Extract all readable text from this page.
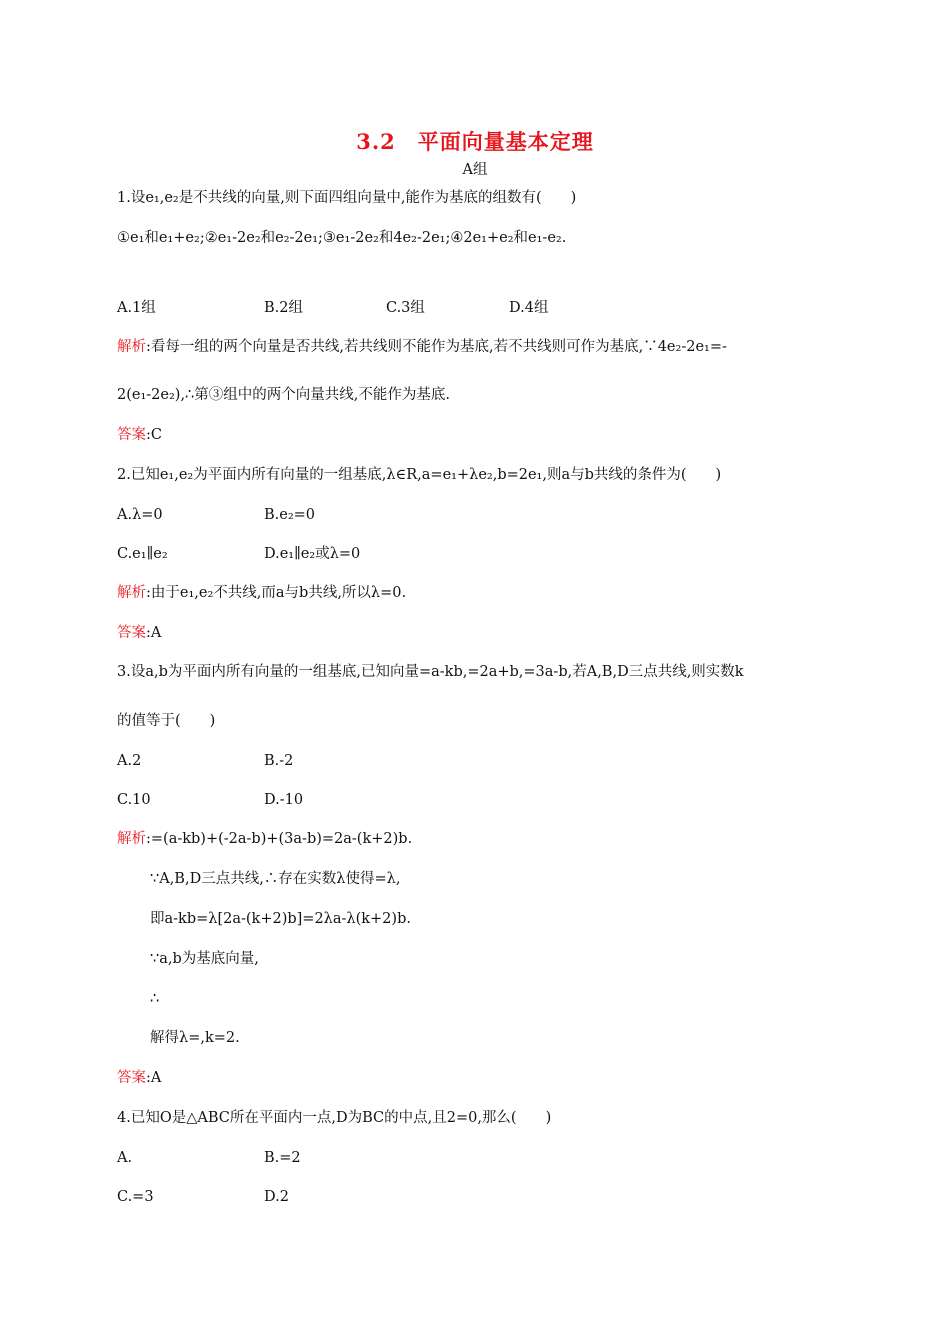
3.2　平面向量基本定理
A组
1.设e₁,e₂是不共线的向量,则下面四组向量中,能作为基底的组数有(　　)
①e₁和e₁+e₂;②e₁-2e₂和e₂-2e₁;③e₁-2e₂和4e₂-2e₁;④2e₁+e₂和e₁-e₂.
A.1组	B.2组	C.3组	D.4组
解析:看每一组的两个向量是否共线,若共线则不能作为基底,若不共线则可作为基底,∵4e₂-2e₁=-
2(e₁-2e₂),∴第③组中的两个向量共线,不能作为基底.
答案:C
2.已知e₁,e₂为平面内所有向量的一组基底,λ∈R,a=e₁+λe₂,b=2e₁,则a与b共线的条件为(　　)
A.λ=0	B.e₂=0
C.e₁∥e₂	D.e₁∥e₂或λ=0
解析:由于e₁,e₂不共线,而a与b共线,所以λ=0.
答案:A
3.设a,b为平面内所有向量的一组基底,已知向量=a-kb,=2a+b,=3a-b,若A,B,D三点共线,则实数k
的值等于(　　)
A.2	B.-2
C.10	D.-10
解析:=(a-kb)+(-2a-b)+(3a-b)=2a-(k+2)b.
∵A,B,D三点共线,∴存在实数λ使得=λ,
即a-kb=λ[2a-(k+2)b]=2λa-λ(k+2)b.
∵a,b为基底向量,
∴
解得λ=,k=2.
答案:A
4.已知O是△ABC所在平面内一点,D为BC的中点,且2=0,那么(　　)
A.	B.=2
C.=3	D.2
